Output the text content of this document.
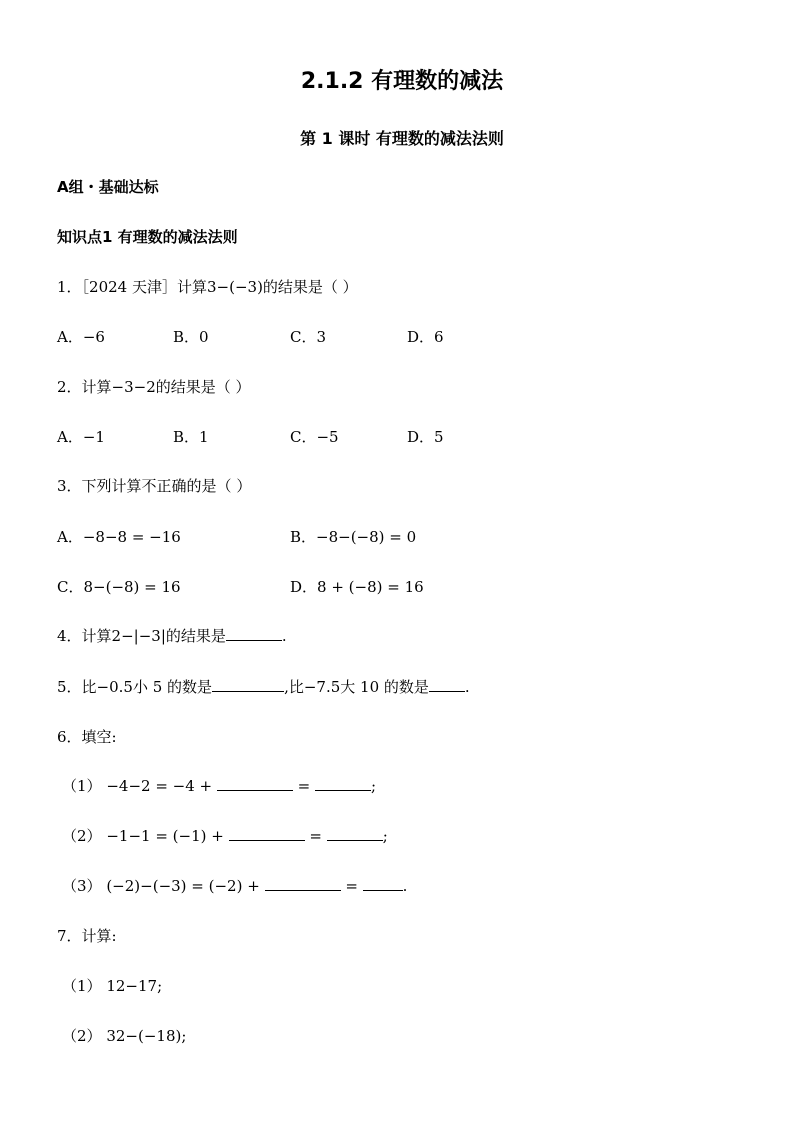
2.1.2 有理数的减法
第 1 课时 有理数的减法法则
A组・基础达标
知识点1 有理数的减法法则
1．［2024 天津］计算3−(−3)的结果是（ ）
A．−6	B．0	C．3	D．6
2．计算−3−2的结果是（ ）
A．−1	B．1	C．−5	D．5
3．下列计算不正确的是（ ）
A．−8−8 = −16	B．−8−(−8) = 0
C．8−(−8) = 16	D．8 + (−8) = 16
4．计算2−|−3|的结果是	.
5．比−0.5小 5 的数是	,比−7.5大 10 的数是 .
6．填空:
（1） −4−2 = −4 +	=	;
（2） −1−1 = (−1) +	=	;
（3） (−2)−(−3) = (−2) +	=	.
7．计算:
（1） 12−17;
（2） 32−(−18);
